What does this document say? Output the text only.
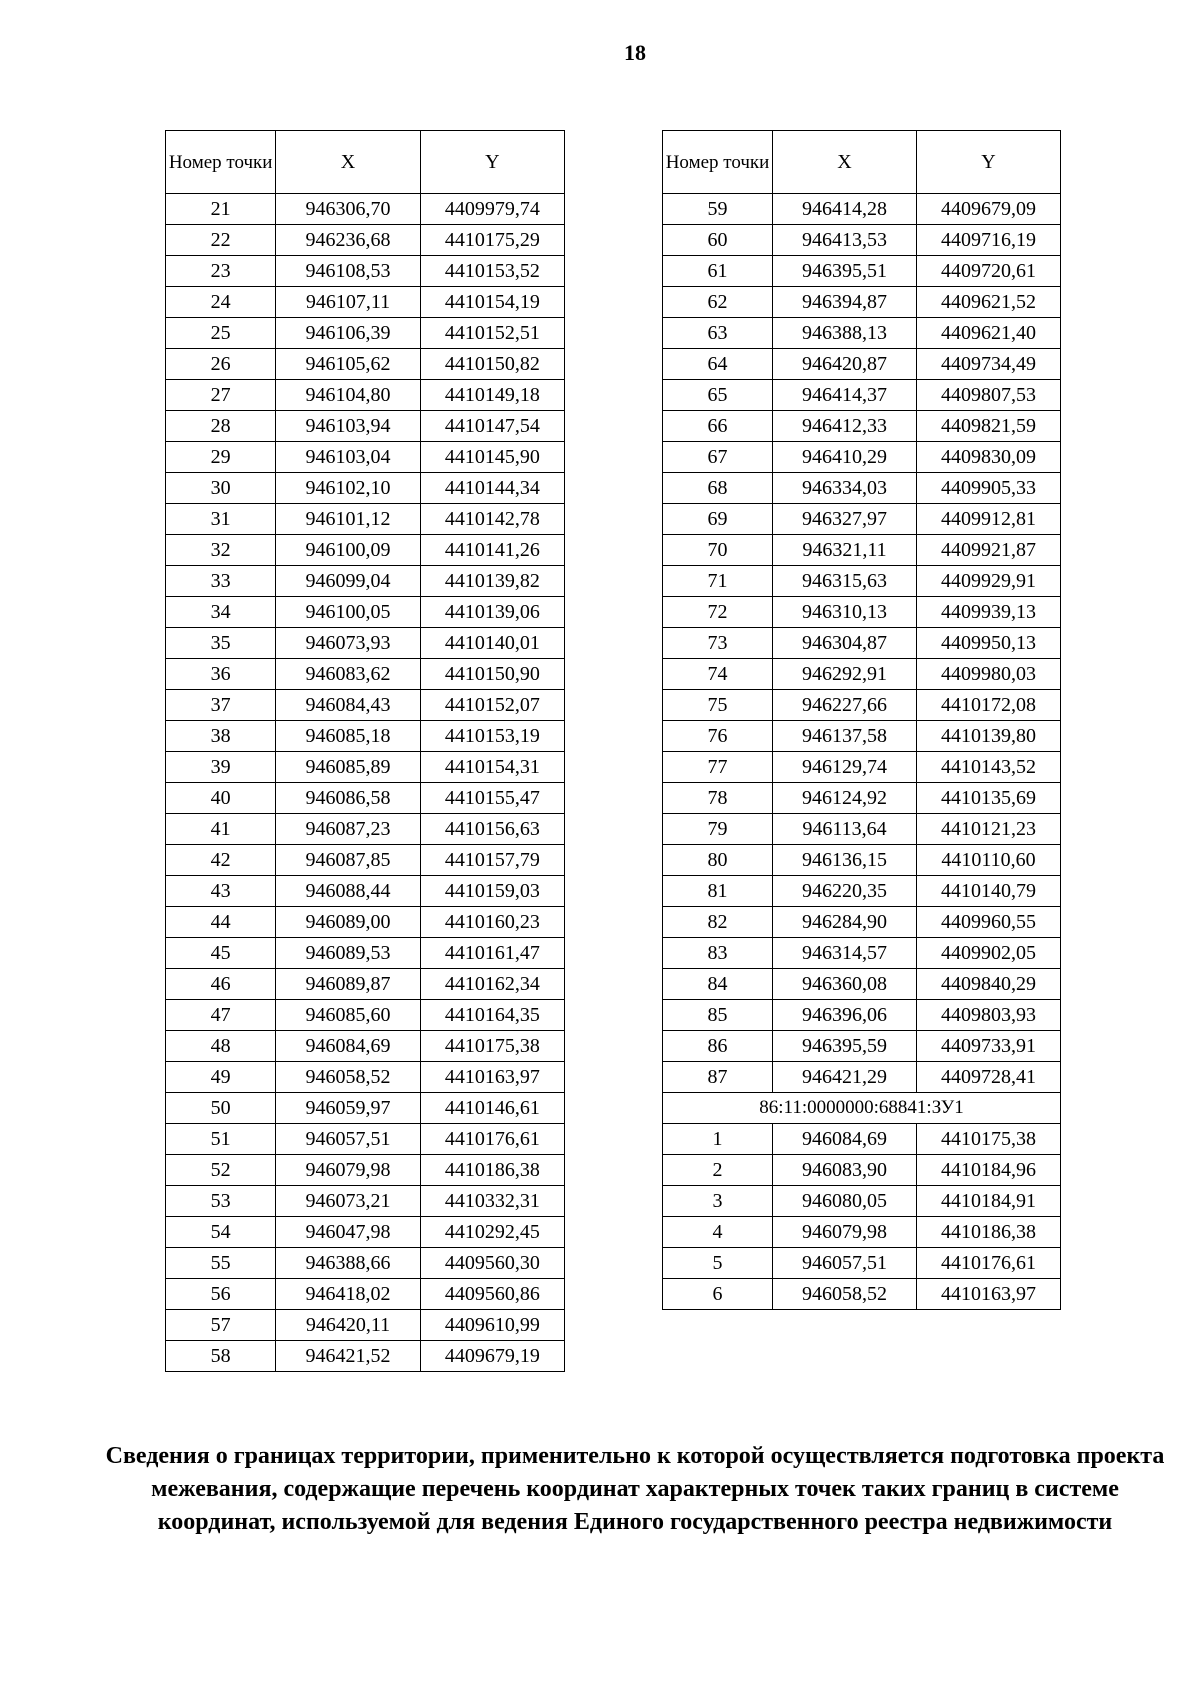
18
Номер точки	X	Y
21	946306,70	4409979,74
22	946236,68	4410175,29
23	946108,53	4410153,52
24	946107,11	4410154,19
25	946106,39	4410152,51
26	946105,62	4410150,82
27	946104,80	4410149,18
28	946103,94	4410147,54
29	946103,04	4410145,90
30	946102,10	4410144,34
31	946101,12	4410142,78
32	946100,09	4410141,26
33	946099,04	4410139,82
34	946100,05	4410139,06
35	946073,93	4410140,01
36	946083,62	4410150,90
37	946084,43	4410152,07
38	946085,18	4410153,19
39	946085,89	4410154,31
40	946086,58	4410155,47
41	946087,23	4410156,63
42	946087,85	4410157,79
43	946088,44	4410159,03
44	946089,00	4410160,23
45	946089,53	4410161,47
46	946089,87	4410162,34
47	946085,60	4410164,35
48	946084,69	4410175,38
49	946058,52	4410163,97
50	946059,97	4410146,61
51	946057,51	4410176,61
52	946079,98	4410186,38
53	946073,21	4410332,31
54	946047,98	4410292,45
55	946388,66	4409560,30
56	946418,02	4409560,86
57	946420,11	4409610,99
58	946421,52	4409679,19
Номер точки	X	Y
59	946414,28	4409679,09
60	946413,53	4409716,19
61	946395,51	4409720,61
62	946394,87	4409621,52
63	946388,13	4409621,40
64	946420,87	4409734,49
65	946414,37	4409807,53
66	946412,33	4409821,59
67	946410,29	4409830,09
68	946334,03	4409905,33
69	946327,97	4409912,81
70	946321,11	4409921,87
71	946315,63	4409929,91
72	946310,13	4409939,13
73	946304,87	4409950,13
74	946292,91	4409980,03
75	946227,66	4410172,08
76	946137,58	4410139,80
77	946129,74	4410143,52
78	946124,92	4410135,69
79	946113,64	4410121,23
80	946136,15	4410110,60
81	946220,35	4410140,79
82	946284,90	4409960,55
83	946314,57	4409902,05
84	946360,08	4409840,29
85	946396,06	4409803,93
86	946395,59	4409733,91
87	946421,29	4409728,41
86:11:0000000:68841:ЗУ1		
1	946084,69	4410175,38
2	946083,90	4410184,96
3	946080,05	4410184,91
4	946079,98	4410186,38
5	946057,51	4410176,61
6	946058,52	4410163,97
Сведения о границах территории, применительно к которой осуществляется подготовка проекта межевания, содержащие перечень координат характерных точек таких границ в системе координат, используемой для ведения Единого государственного реестра недвижимости
